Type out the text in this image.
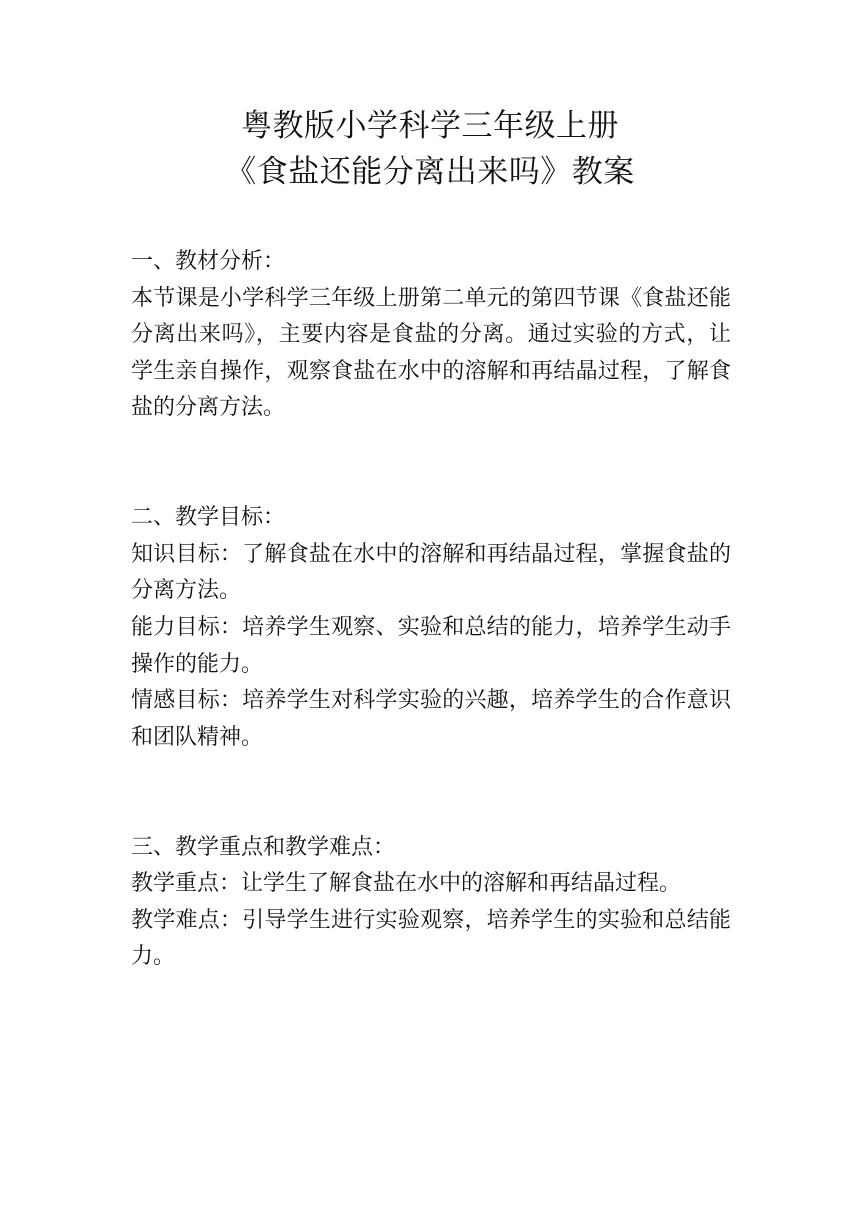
粤教版小学科学三年级上册
《食盐还能分离出来吗》教案
一、教材分析：

本节课是小学科学三年级上册第二单元的第四节课《食盐还能分离出来吗》，主要内容是食盐的分离。通过实验的方式，让学生亲自操作，观察食盐在水中的溶解和再结晶过程，了解食盐的分离方法。

二、教学目标：

知识目标：了解食盐在水中的溶解和再结晶过程，掌握食盐的分离方法。

能力目标：培养学生观察、实验和总结的能力，培养学生动手操作的能力。

情感目标：培养学生对科学实验的兴趣，培养学生的合作意识和团队精神。

三、教学重点和教学难点：

教学重点：让学生了解食盐在水中的溶解和再结晶过程。

教学难点：引导学生进行实验观察，培养学生的实验和总结能力。
